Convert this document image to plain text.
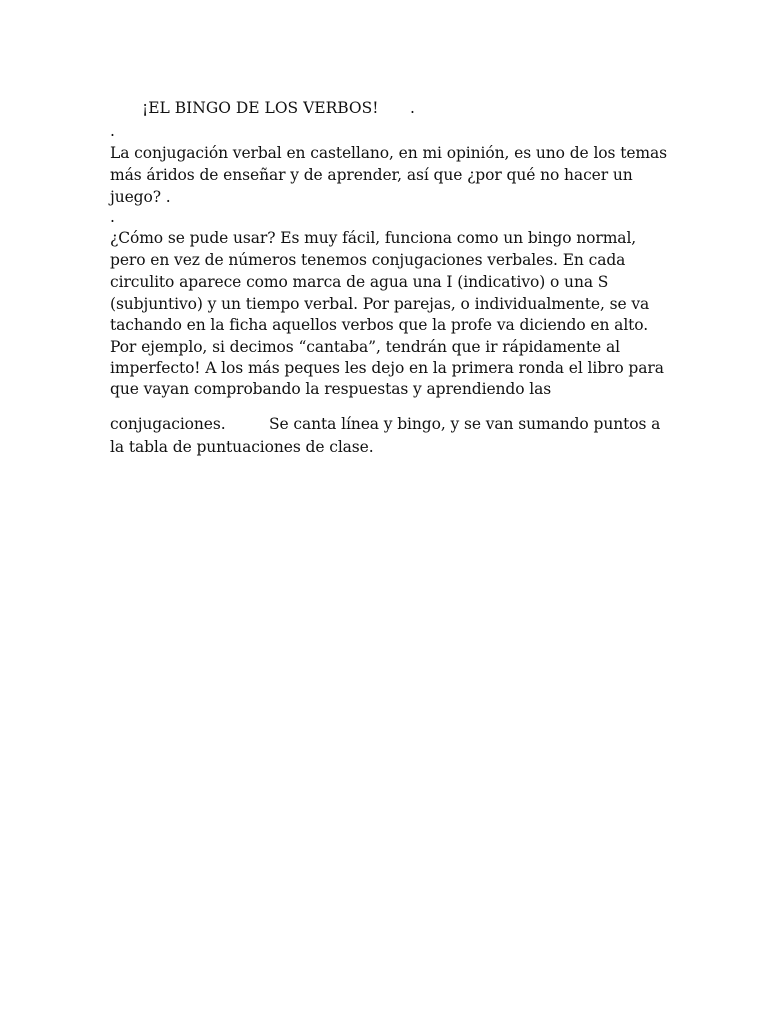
¡EL BINGO DE LOS VERBOS! .
.
La conjugación verbal en castellano, en mi opinión, es uno de los temas
más áridos de enseñar y de aprender, así que ¿por qué no hacer un
juego? .
.
¿Cómo se pude usar? Es muy fácil, funciona como un bingo normal,
pero en vez de números tenemos conjugaciones verbales. En cada
circulito aparece como marca de agua una I (indicativo) o una S
(subjuntivo) y un tiempo verbal. Por parejas, o individualmente, se va
tachando en la ficha aquellos verbos que la profe va diciendo en alto.
Por ejemplo, si decimos “cantaba”, tendrán que ir rápidamente al
imperfecto! A los más peques les dejo en la primera ronda el libro para
que vayan comprobando la respuestas y aprendiendo las
conjugaciones.         Se canta línea y bingo, y se van sumando puntos a
la tabla de puntuaciones de clase.
